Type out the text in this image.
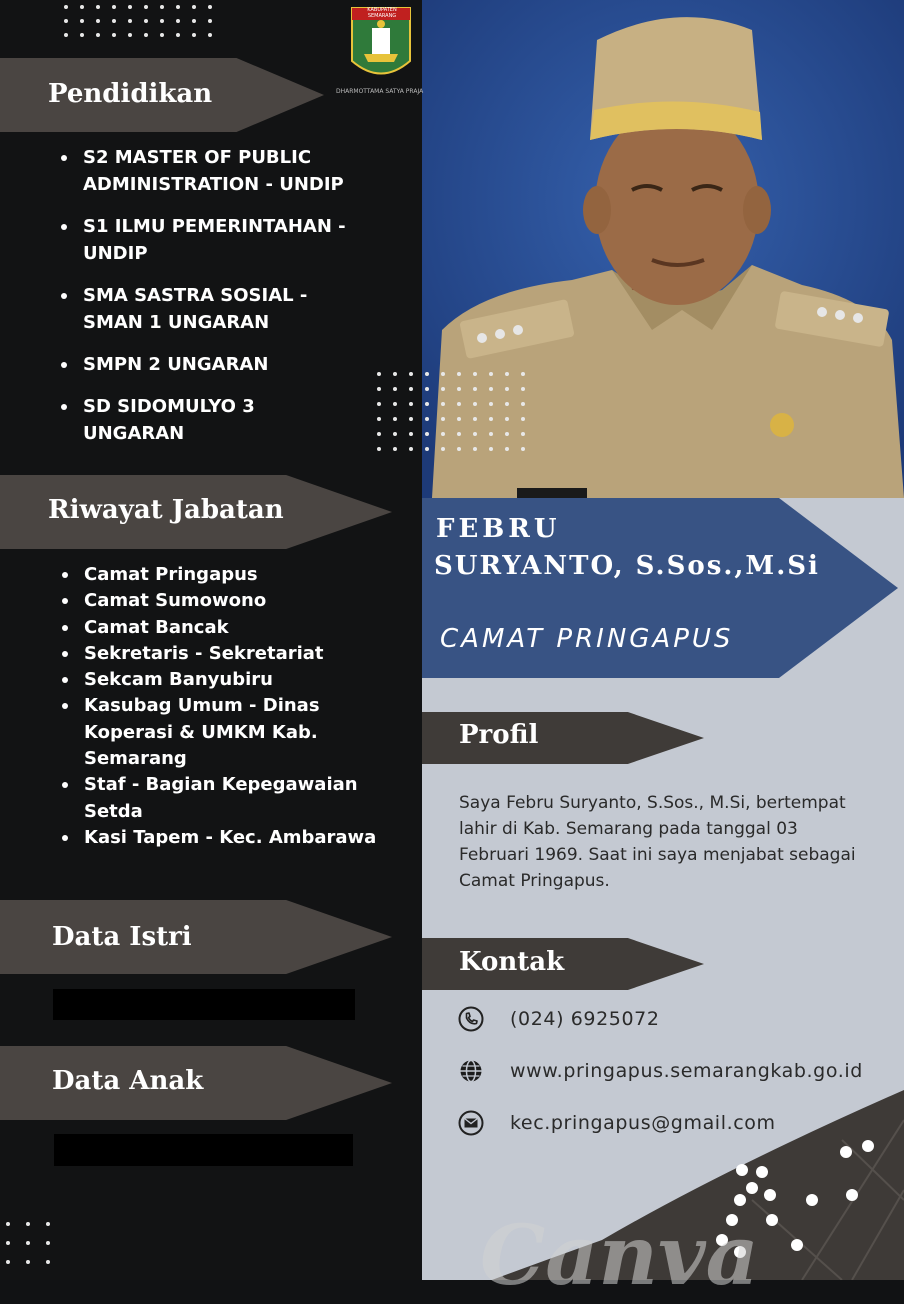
KABUPATEN SEMARANG
DHARMOTTAMA SATYA PRAJA
Pendidikan
S2 MASTER OF PUBLIC ADMINISTRATION - UNDIP
S1 ILMU PEMERINTAHAN - UNDIP
SMA SASTRA SOSIAL - SMAN 1 UNGARAN
SMPN 2 UNGARAN
SD SIDOMULYO 3 UNGARAN
Riwayat Jabatan
Camat Pringapus
Camat Sumowono
Camat Bancak
Sekretaris - Sekretariat
Sekcam Banyubiru
Kasubag Umum - Dinas Koperasi & UMKM Kab. Semarang
Staf - Bagian Kepegawaian Setda
Kasi Tapem - Kec. Ambarawa
Data Istri
Data Anak
FEBRU
SURYANTO, S.Sos.,M.Si
CAMAT PRINGAPUS
Profil
Saya Febru Suryanto, S.Sos., M.Si, bertempat lahir di Kab. Semarang pada tanggal 03 Februari 1969. Saat ini saya menjabat sebagai Camat Pringapus.
Kontak
Canva
(024) 6925072
www.pringapus.semarangkab.go.id
kec.pringapus@gmail.com
